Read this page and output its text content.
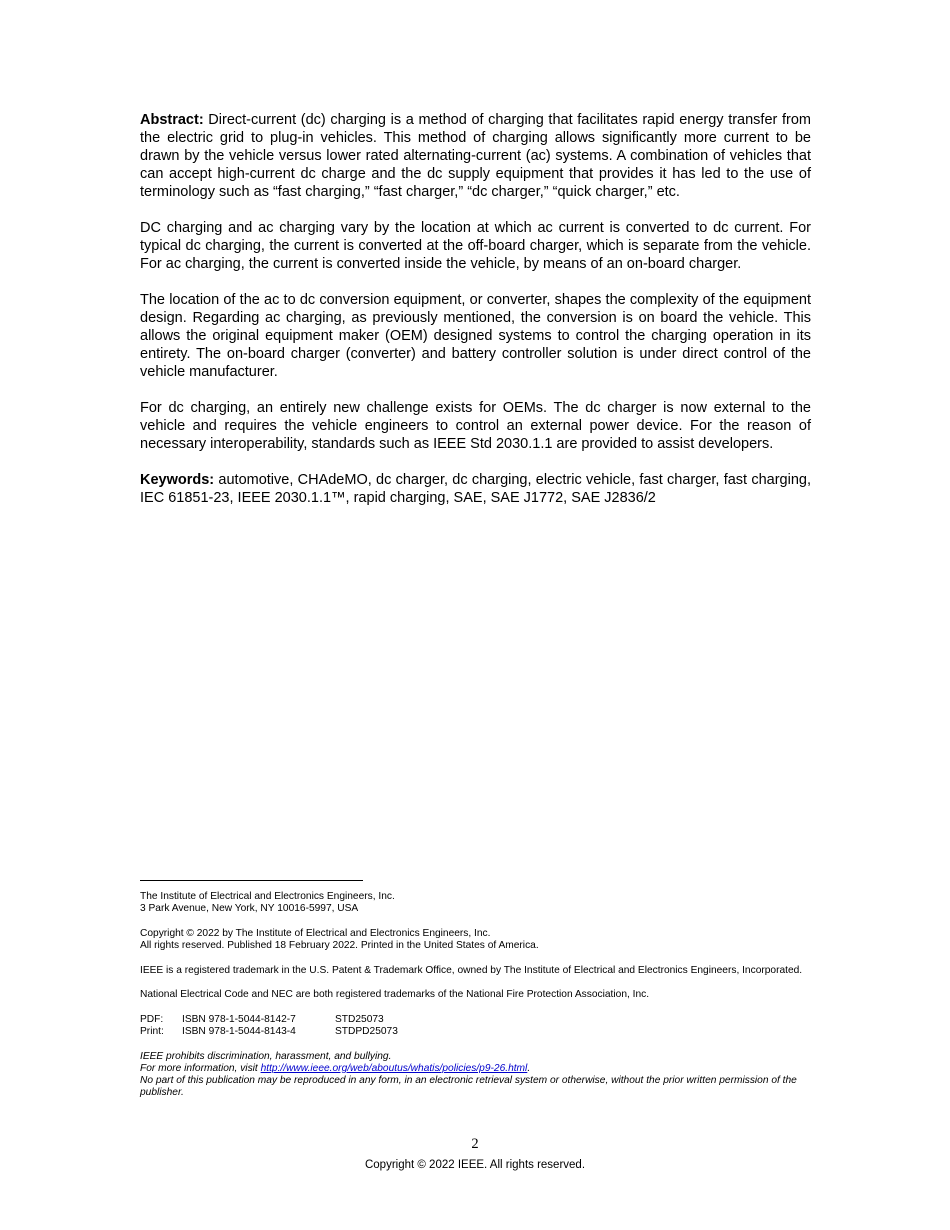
Abstract: Direct-current (dc) charging is a method of charging that facilitates rapid energy transfer from the electric grid to plug-in vehicles. This method of charging allows significantly more current to be drawn by the vehicle versus lower rated alternating-current (ac) systems. A combination of vehicles that can accept high-current dc charge and the dc supply equipment that provides it has led to the use of terminology such as “fast charging,” “fast charger,” “dc charger,” “quick charger,” etc.

DC charging and ac charging vary by the location at which ac current is converted to dc current. For typical dc charging, the current is converted at the off-board charger, which is separate from the vehicle. For ac charging, the current is converted inside the vehicle, by means of an on-board charger.

The location of the ac to dc conversion equipment, or converter, shapes the complexity of the equipment design. Regarding ac charging, as previously mentioned, the conversion is on board the vehicle. This allows the original equipment maker (OEM) designed systems to control the charging operation in its entirety. The on-board charger (converter) and battery controller solution is under direct control of the vehicle manufacturer.

For dc charging, an entirely new challenge exists for OEMs. The dc charger is now external to the vehicle and requires the vehicle engineers to control an external power device. For the reason of necessary interoperability, standards such as IEEE Std 2030.1.1 are provided to assist developers.

Keywords: automotive, CHAdeMO, dc charger, dc charging, electric vehicle, fast charger, fast charging, IEC 61851-23, IEEE 2030.1.1™, rapid charging, SAE, SAE J1772, SAE J2836/2

The Institute of Electrical and Electronics Engineers, Inc.
3 Park Avenue, New York, NY 10016-5997, USA

Copyright © 2022 by The Institute of Electrical and Electronics Engineers, Inc.
All rights reserved. Published 18 February 2022. Printed in the United States of America.

IEEE is a registered trademark in the U.S. Patent & Trademark Office, owned by The Institute of Electrical and Electronics Engineers, Incorporated.

National Electrical Code and NEC are both registered trademarks of the National Fire Protection Association, Inc.

PDF:	ISBN 978-1-5044-8142-7	STD25073
Print:	ISBN 978-1-5044-8143-4	STDPD25073
IEEE prohibits discrimination, harassment, and bullying.
For more information, visit http://www.ieee.org/web/aboutus/whatis/policies/p9-26.html.
No part of this publication may be reproduced in any form, in an electronic retrieval system or otherwise, without the prior written permission of the publisher.
2
Copyright © 2022 IEEE. All rights reserved.
